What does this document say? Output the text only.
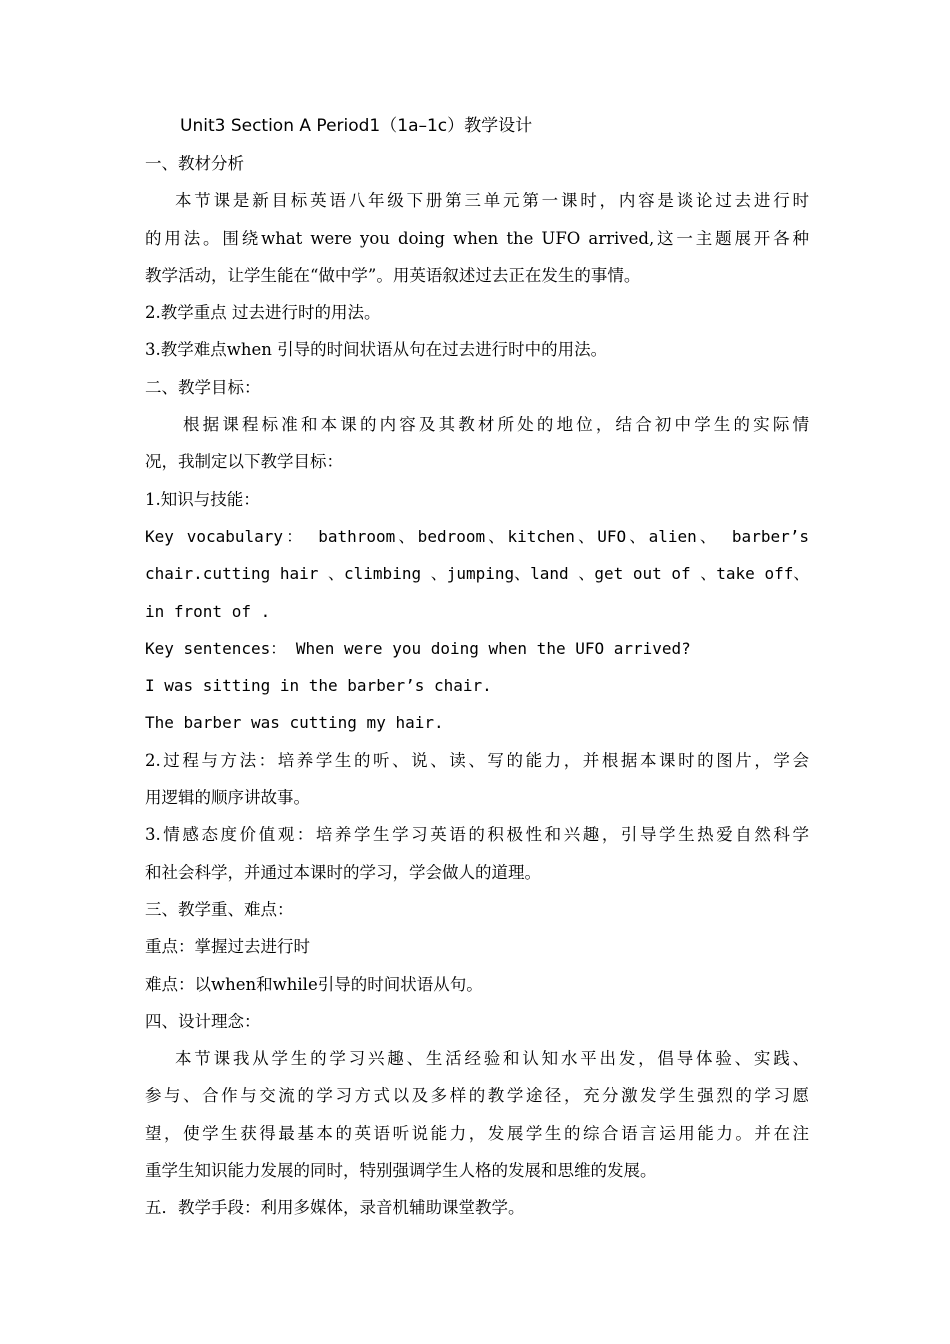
Unit3 Section A Period1（1a–1c）教学设计
一、教材分析
本节课是新目标英语八年级下册第三单元第一课时，内容是谈论过去进行时
的用法。围绕what were you doing when the UFO arrived,这一主题展开各种
教学活动，让学生能在“做中学”。用英语叙述过去正在发生的事情。
2.教学重点 过去进行时的用法。
3.教学难点when 引导的时间状语从句在过去进行时中的用法。
二、教学目标：
根据课程标准和本课的内容及其教材所处的地位，结合初中学生的实际情
况，我制定以下教学目标：
1.知识与技能：
Key vocabulary： bathroom、bedroom、kitchen、UFO、alien、 barber’s
chair.cutting hair 、climbing 、jumping、land 、get out of 、take off、
in front of .
Key sentences： When were you doing when the UFO arrived?
I was sitting in the barber’s chair.
The barber was cutting my hair.
2.过程与方法：培养学生的听、说、读、写的能力，并根据本课时的图片，学会
用逻辑的顺序讲故事。
3.情感态度价值观：培养学生学习英语的积极性和兴趣，引导学生热爱自然科学
和社会科学，并通过本课时的学习，学会做人的道理。
三、教学重、难点：
重点：掌握过去进行时
难点：以when和while引导的时间状语从句。
四、设计理念：
本节课我从学生的学习兴趣、生活经验和认知水平出发，倡导体验、实践、
参与、合作与交流的学习方式以及多样的教学途径，充分激发学生强烈的学习愿
望，使学生获得最基本的英语听说能力，发展学生的综合语言运用能力。并在注
重学生知识能力发展的同时，特别强调学生人格的发展和思维的发展。
五．教学手段：利用多媒体，录音机辅助课堂教学。
